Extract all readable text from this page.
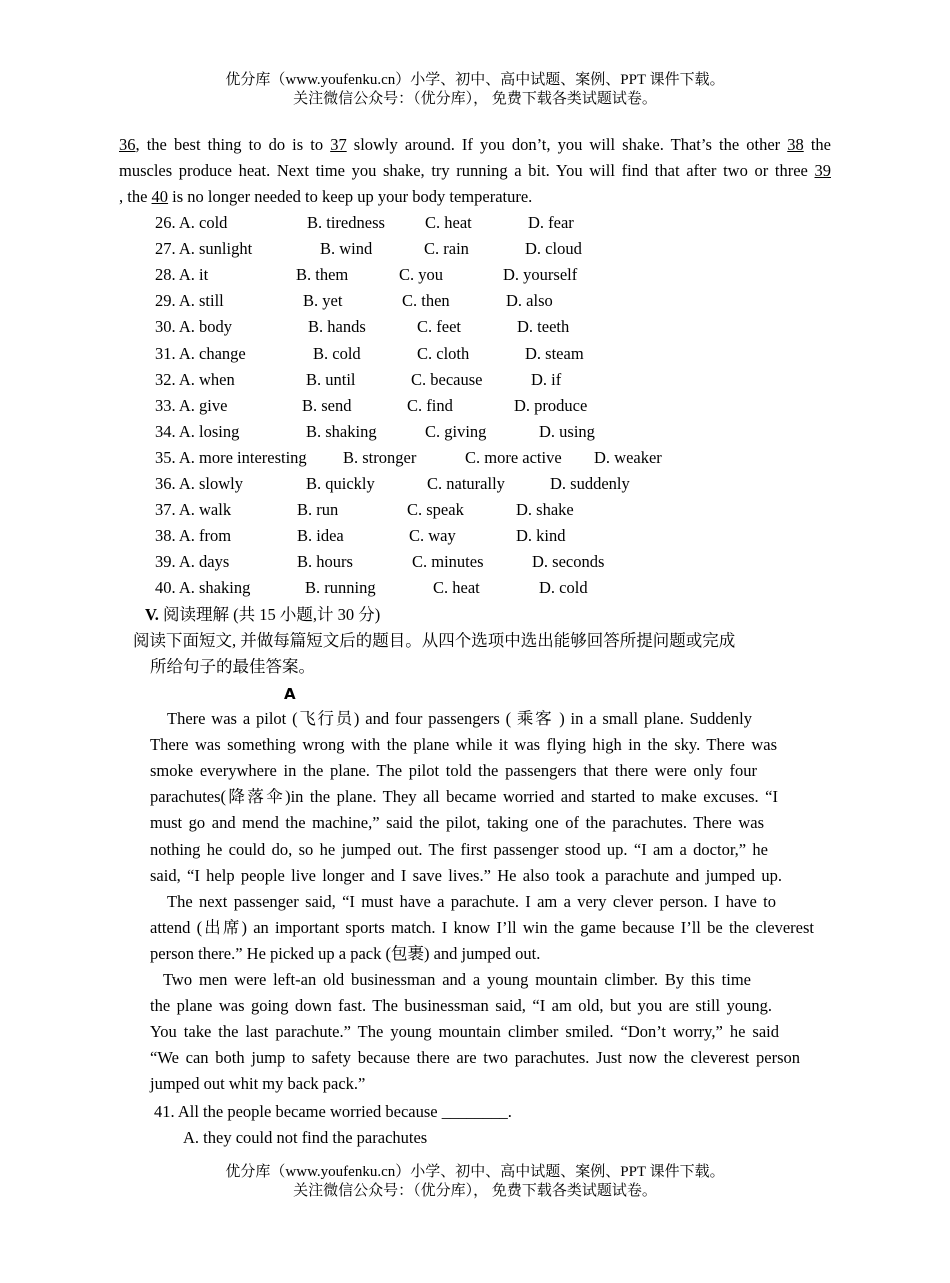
优分库（www.youfenku.cn）小学、初中、高中试题、案例、PPT 课件下载。
关注微信公众号：（优分库）， 免费下载各类试题试卷。
36, the best thing to do is to 37 slowly around. If you don’t, you will shake. That’s the other 38 the
muscles produce heat. Next time you shake, try running a bit. You will find that after two or three 39
, the 40 is no longer needed to keep up your body temperature.
26. A. cold	B. tiredness C. heat	D. fear
27. A. sunlight	B. wind	C. rain	D. cloud
28. A. it	B. them	C. you	D. yourself
29. A. still	B. yet	C. then	D. also
30. A. body	B. hands	C. feet	D. teeth
31. A. change	B. cold	C. cloth	D. steam
32. A. when	B. until	C. because	D. if
33. A. give	B. send	C. find	D. produce
34. A. losing	B. shaking	C. giving	D. using
35. A. more interesting B. stronger	C. more active D. weaker
36. A. slowly	B. quickly	C. naturally	D. suddenly
37. A. walk	B. run	C. speak	D. shake
38. A. from	B. idea	C. way	D. kind
39. A. days	B. hours	C. minutes	D. seconds
40. A. shaking	B. running	C. heat	D. cold
V. 阅读理解 (共 15 小题,计 30 分)
阅读下面短文, 并做每篇短文后的题目。从四个选项中选出能够回答所提问题或完成
所给句子的最佳答案。
A
There was a pilot (飞行员) and four passengers ( 乘客 ) in a small plane. Suddenly
There was something wrong with the plane while it was flying high in the sky. There was
smoke everywhere in the plane. The pilot told the passengers that there were only four
parachutes(降落伞)in the plane. They all became worried and started to make excuses. “I
must go and mend the machine,” said the pilot, taking one of the parachutes. There was
nothing he could do, so he jumped out. The first passenger stood up. “I am a doctor,” he
said, “I help people live longer and I save lives.” He also took a parachute and jumped up.
The next passenger said, “I must have a parachute. I am a very clever person. I have to
attend (出席) an important sports match. I know I’ll win the game because I’ll be the cleverest
person there.” He picked up a pack (包裹) and jumped out.
Two men were left-an old businessman and a young mountain climber. By this time
the plane was going down fast. The businessman said, “I am old, but you are still young.
You take the last parachute.” The young mountain climber smiled. “Don’t worry,” he said
“We can both jump to safety because there are two parachutes. Just now the cleverest person
jumped out whit my back pack.”
41. All the people became worried because ________.
A. they could not find the parachutes
优分库（www.youfenku.cn）小学、初中、高中试题、案例、PPT 课件下载。
关注微信公众号：（优分库）， 免费下载各类试题试卷。
